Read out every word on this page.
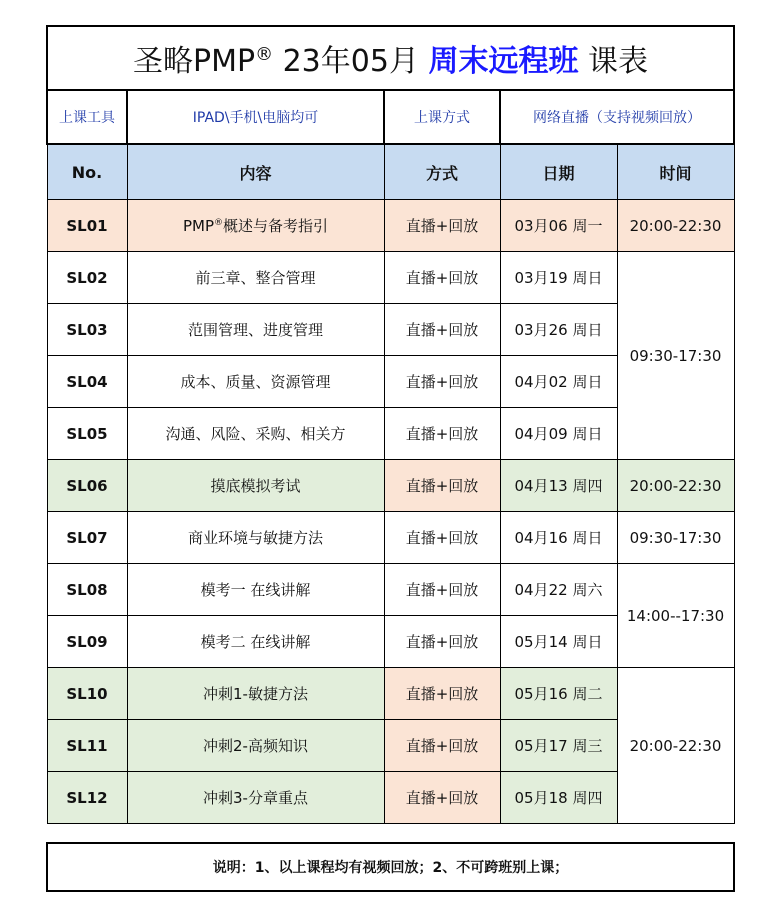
圣略PMP® 23年05月 周末远程班 课表				
上课工具	IPAD\手机\电脑均可	上课方式	网络直播（支持视频回放）	
No.	内容	方式	日期	时间
SL01	PMP®概述与备考指引	直播+回放	03月06 周一	20:00-22:30
SL02	前三章、整合管理	直播+回放	03月19 周日	09:30-17:30
SL03	范围管理、进度管理	直播+回放	03月26 周日	
SL04	成本、质量、资源管理	直播+回放	04月02 周日	
SL05	沟通、风险、采购、相关方	直播+回放	04月09 周日	
SL06	摸底模拟考试	直播+回放	04月13 周四	20:00-22:30
SL07	商业环境与敏捷方法	直播+回放	04月16 周日	09:30-17:30
SL08	模考一 在线讲解	直播+回放	04月22 周六	14:00--17:30
SL09	模考二 在线讲解	直播+回放	05月14 周日	
SL10	冲刺1-敏捷方法	直播+回放	05月16 周二	20:00-22:30
SL11	冲刺2-高频知识	直播+回放	05月17 周三	
SL12	冲刺3-分章重点	直播+回放	05月18 周四	
说明：1、以上课程均有视频回放；2、不可跨班别上课；
